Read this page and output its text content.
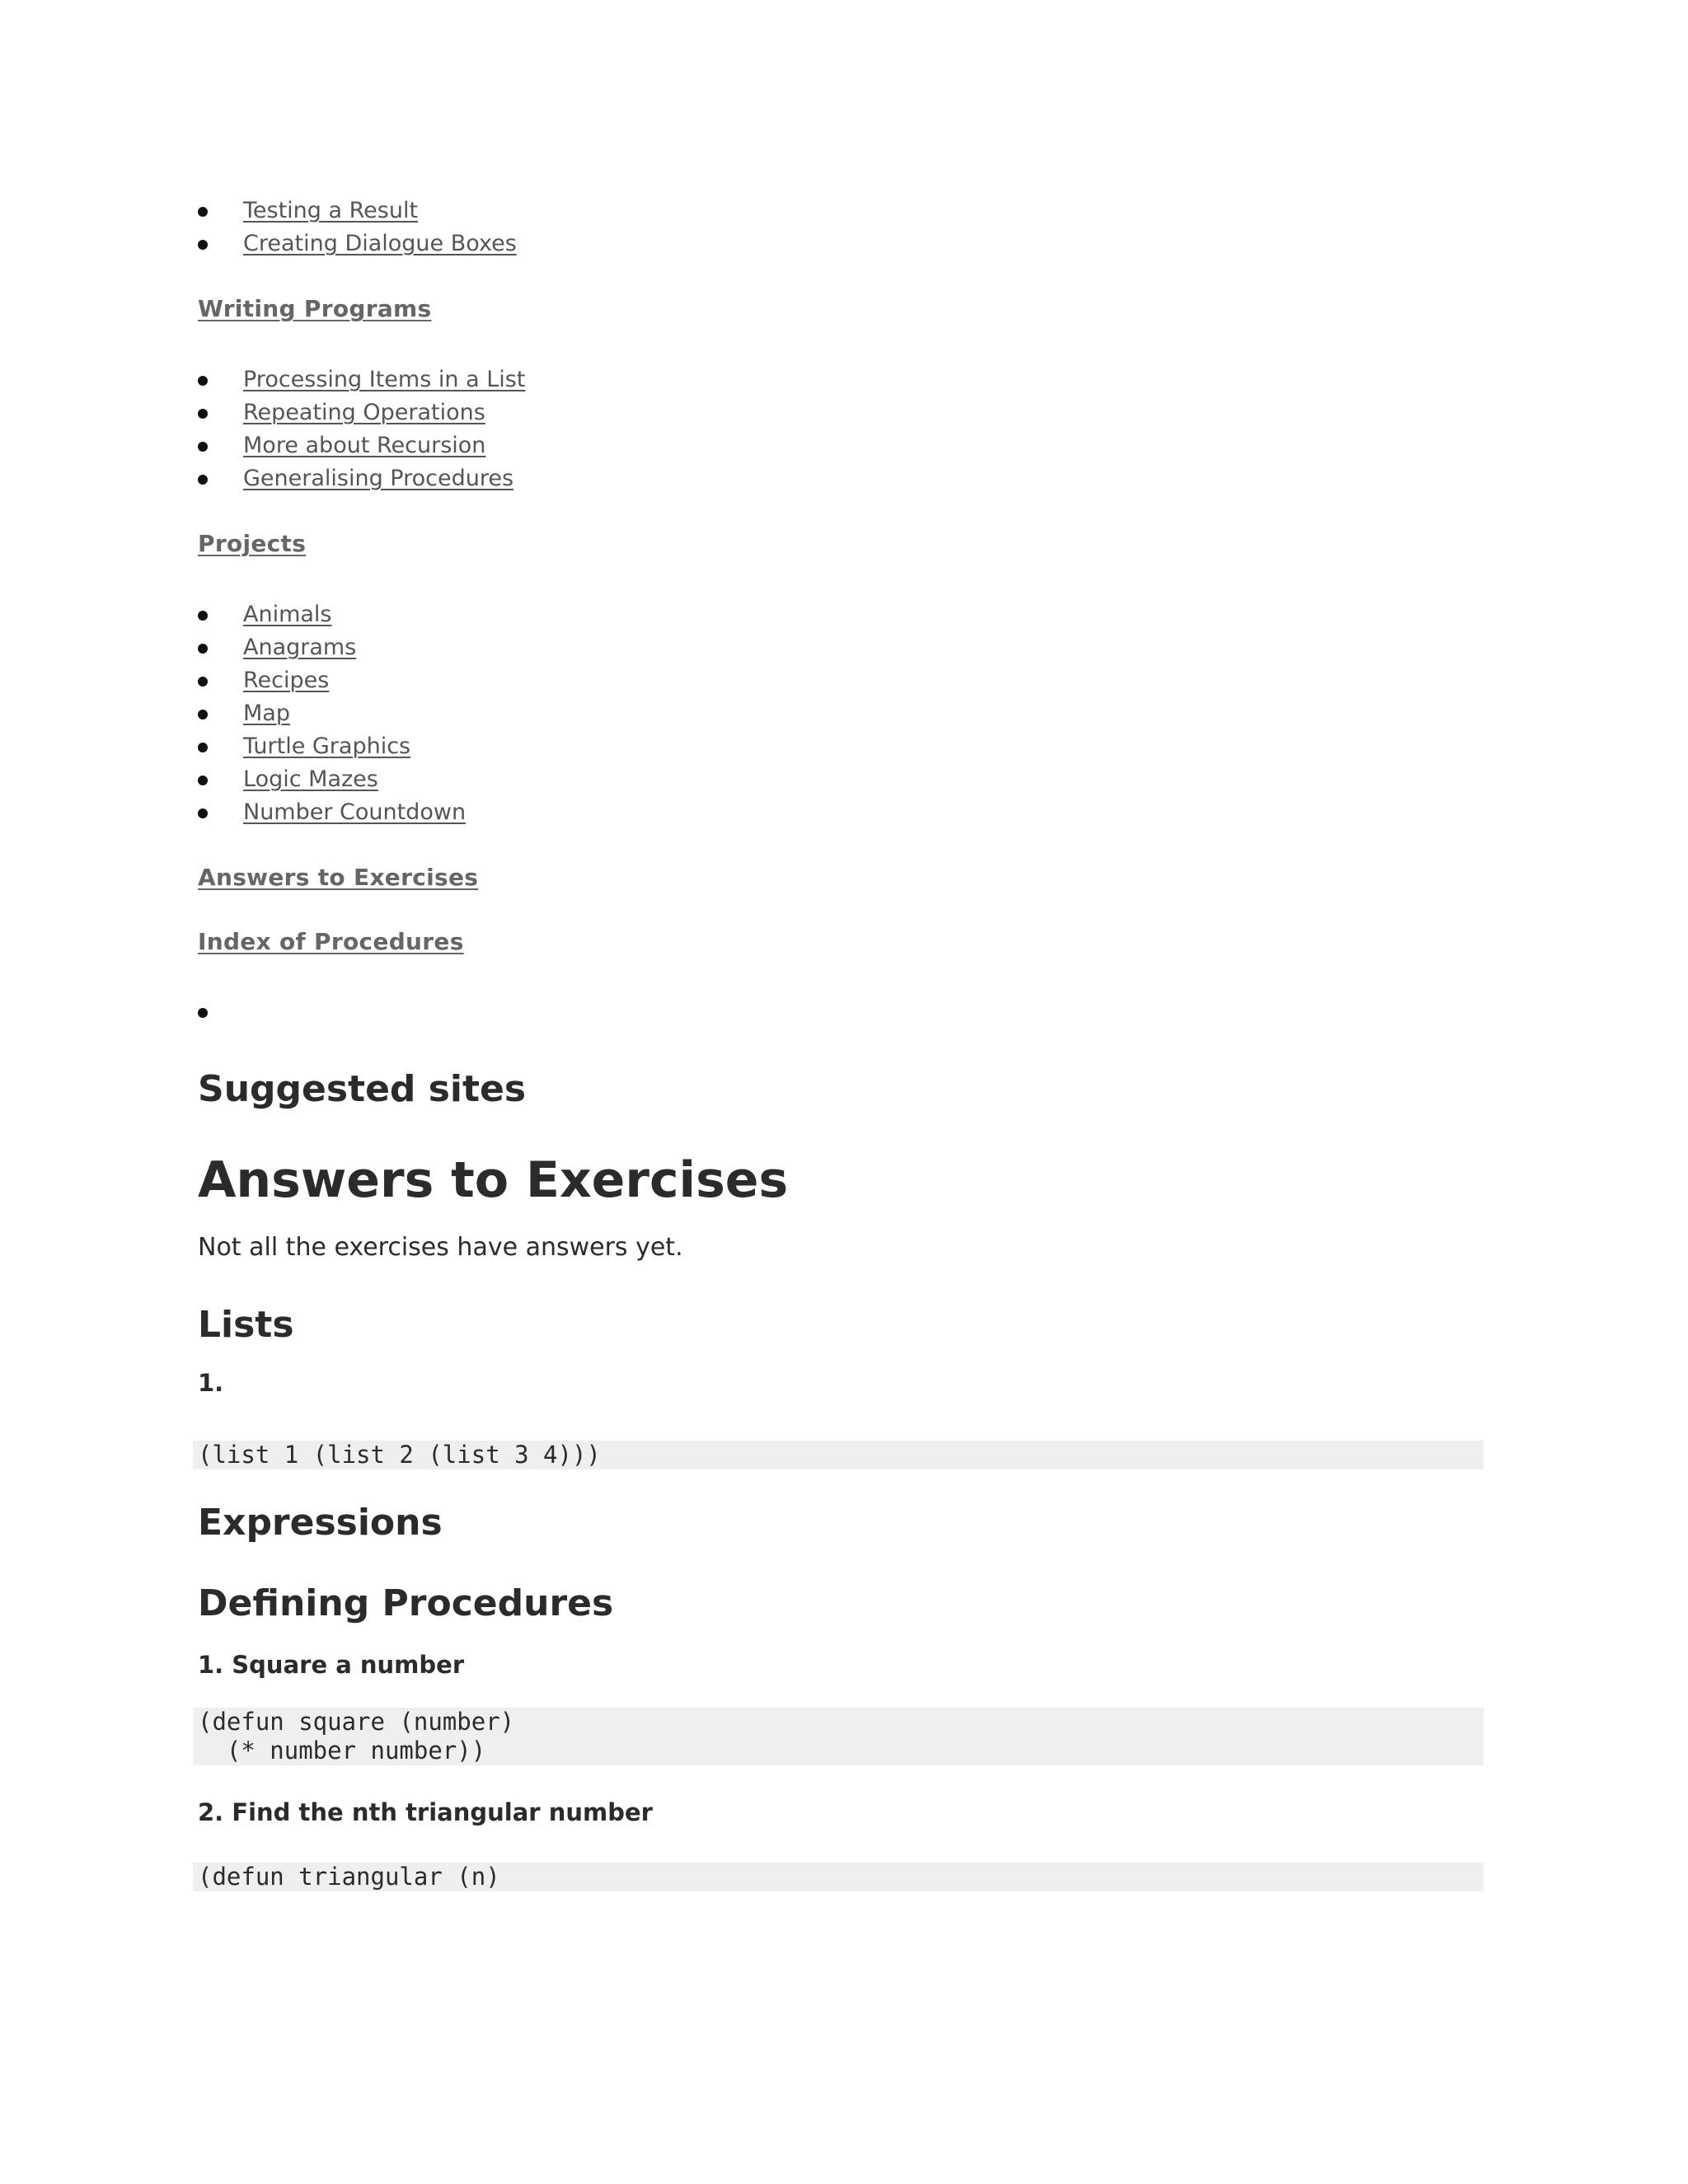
Testing a Result
Creating Dialogue Boxes
Writing Programs
Processing Items in a List
Repeating Operations
More about Recursion
Generalising Procedures
Projects
Animals
Anagrams
Recipes
Map
Turtle Graphics
Logic Mazes
Number Countdown
Answers to Exercises
Index of Procedures
Suggested sites
Answers to Exercises

Not all the exercises have answers yet.

Lists
1.
(list 1 (list 2 (list 3 4)))
Expressions
Defining Procedures
1. Square a number
(defun square (number)
(* number number))
2. Find the nth triangular number
(defun triangular (n)
